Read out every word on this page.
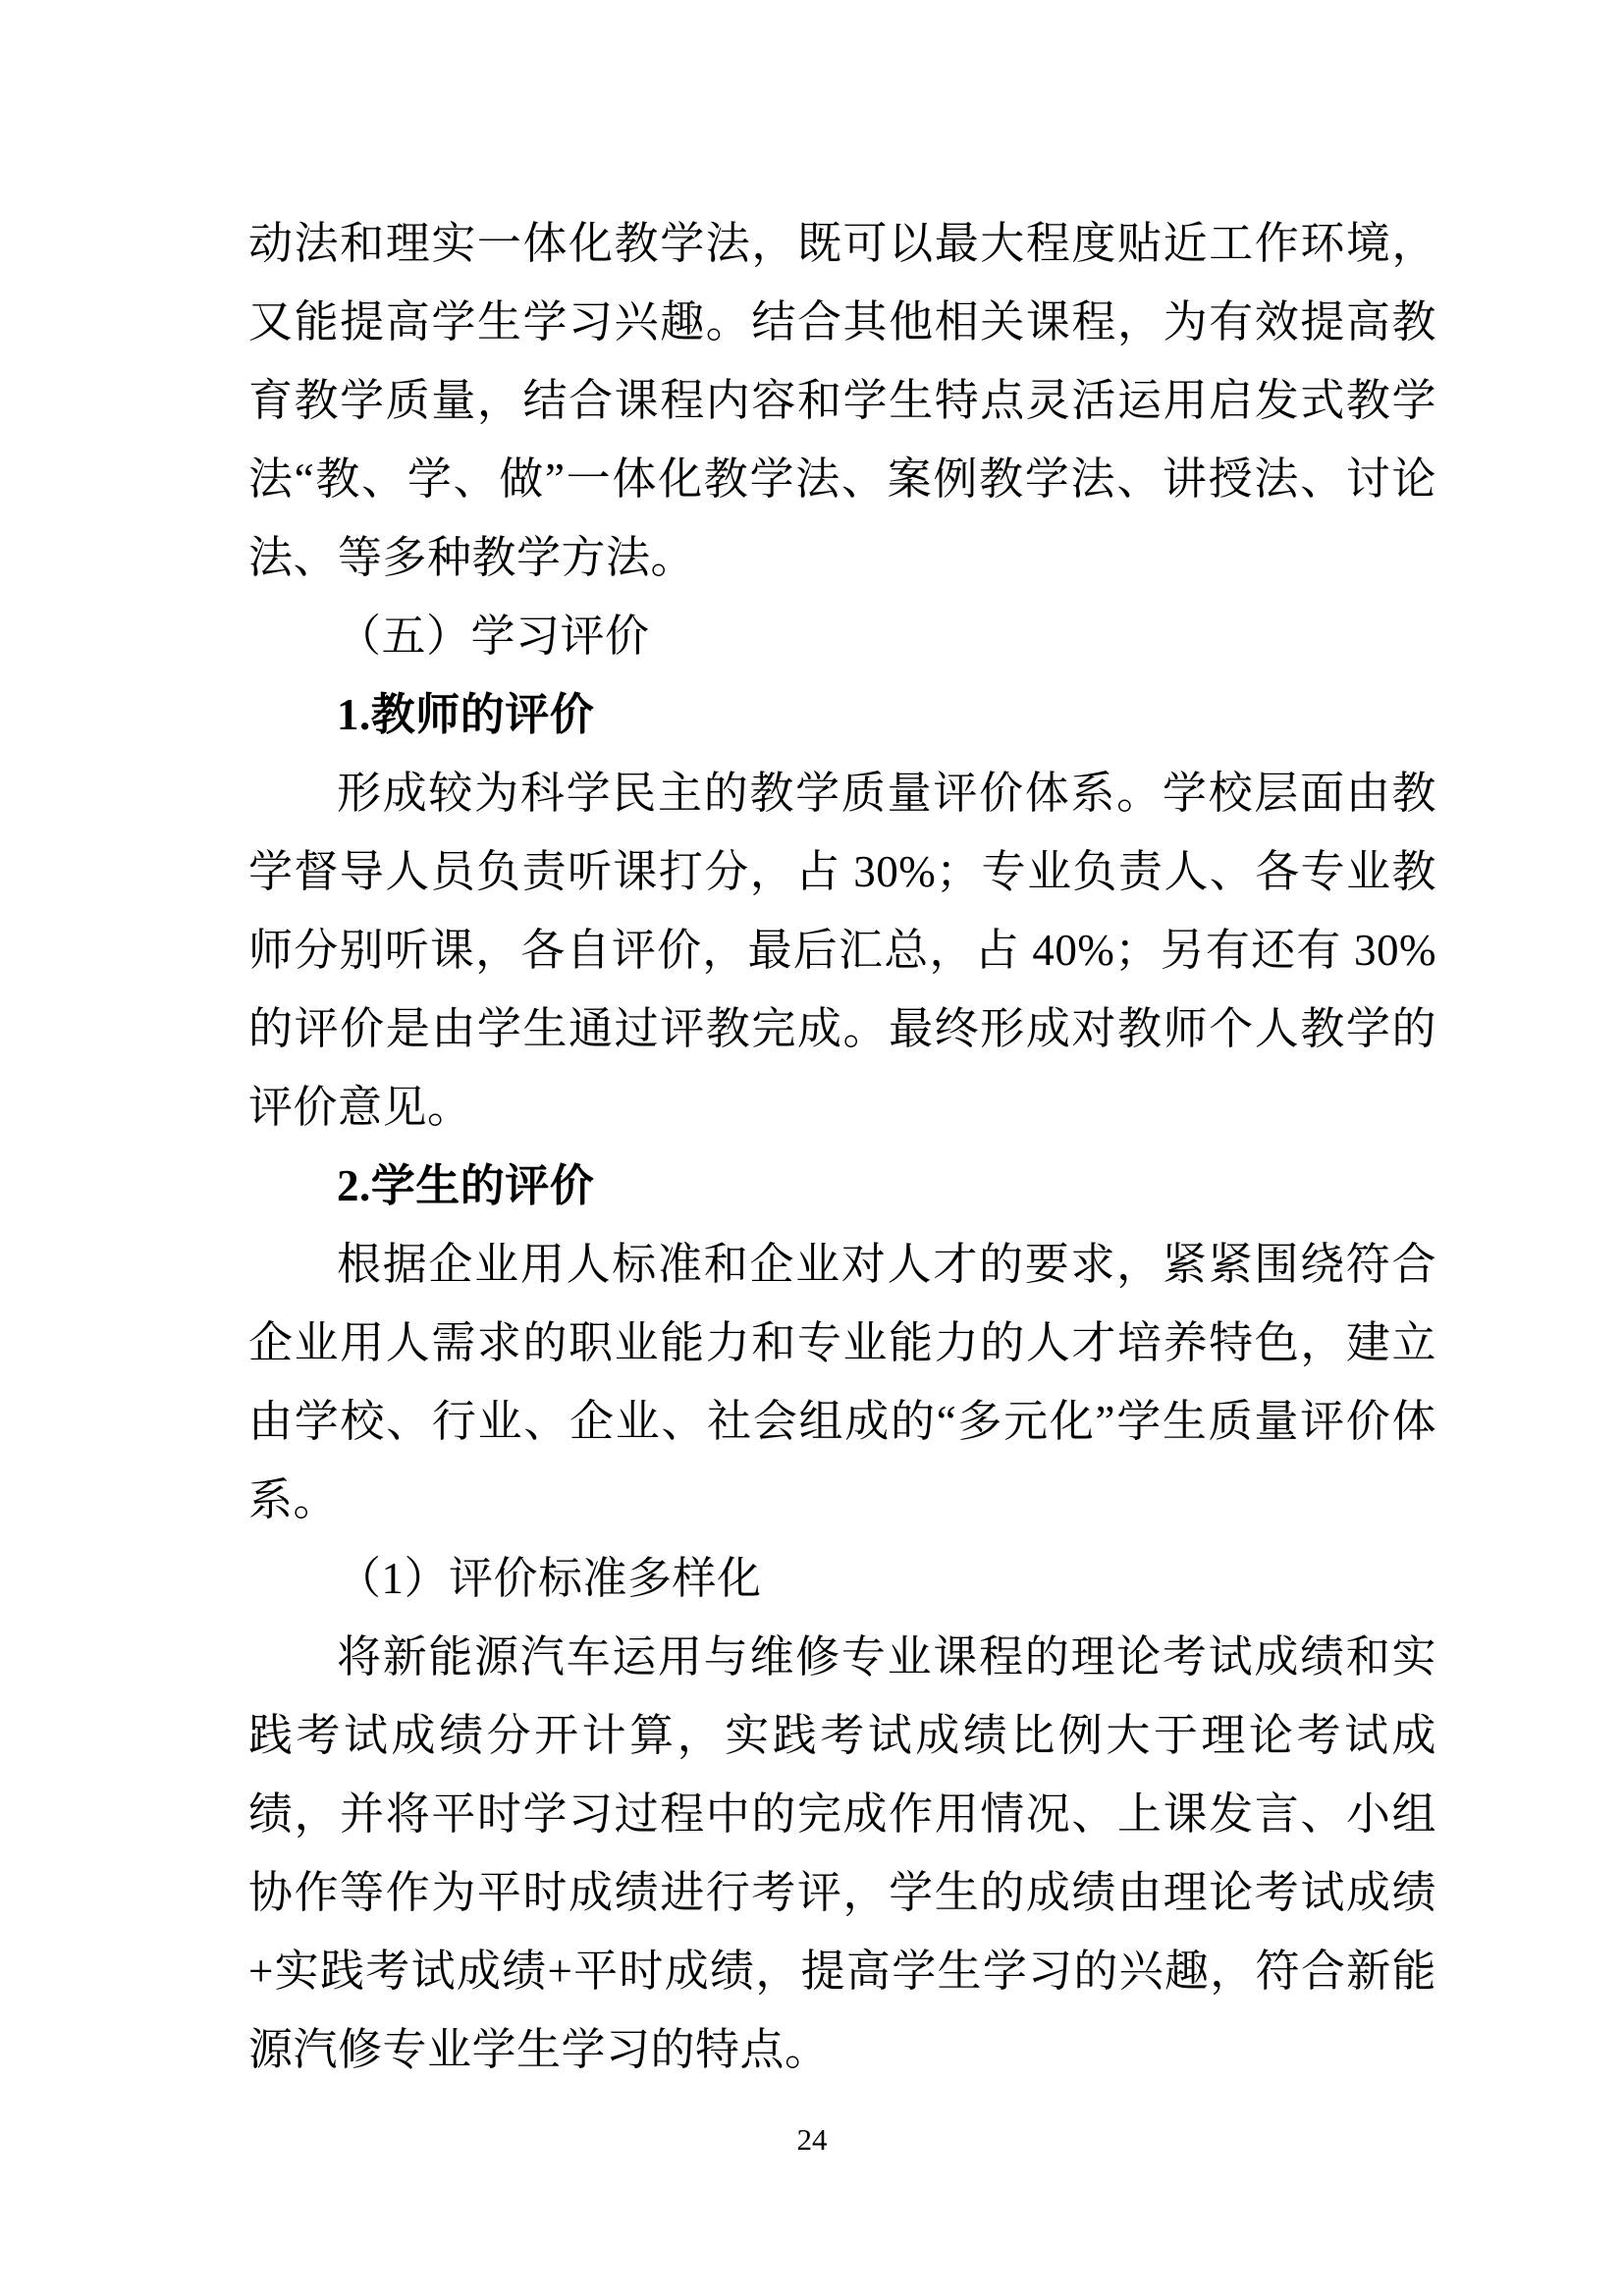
动法和理实一体化教学法，既可以最大程度贴近工作环境，又能提高学生学习兴趣。结合其他相关课程，为有效提高教育教学质量，结合课程内容和学生特点灵活运用启发式教学法“教、学、做”一体化教学法、案例教学法、讲授法、讨论法、等多种教学方法。

（五）学习评价

1.教师的评价

形成较为科学民主的教学质量评价体系。学校层面由教学督导人员负责听课打分，占 30%；专业负责人、各专业教师分别听课，各自评价，最后汇总，占 40%；另有还有 30%的评价是由学生通过评教完成。最终形成对教师个人教学的评价意见。

2.学生的评价

根据企业用人标准和企业对人才的要求，紧紧围绕符合企业用人需求的职业能力和专业能力的人才培养特色，建立由学校、行业、企业、社会组成的“多元化”学生质量评价体系。

（1）评价标准多样化

将新能源汽车运用与维修专业课程的理论考试成绩和实践考试成绩分开计算，实践考试成绩比例大于理论考试成绩，并将平时学习过程中的完成作用情况、上课发言、小组协作等作为平时成绩进行考评，学生的成绩由理论考试成绩+实践考试成绩+平时成绩，提高学生学习的兴趣，符合新能源汽修专业学生学习的特点。

24
